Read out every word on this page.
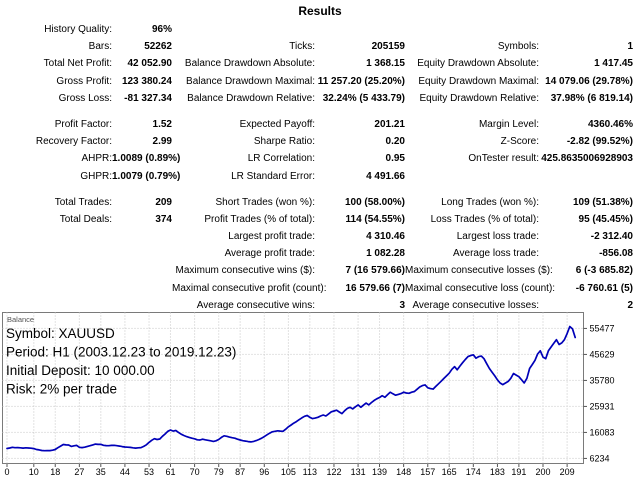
Results
History Quality:	96%
Bars:	52262	Ticks:	205159	Symbols:	1
Total Net Profit:	42 052.90	Balance Drawdown Absolute:	1 368.15	Equity Drawdown Absolute:	1 417.45
Gross Profit: 123 380.24	Balance Drawdown Maximal: 11 257.20 (25.20%)	Equity Drawdown Maximal: 14 079.06 (29.78%)
Gross Loss:	-81 327.34	Balance Drawdown Relative: 32.24% (5 433.79)	Equity Drawdown Relative:	37.98% (6 819.14)
Profit Factor:	1.52	Expected Payoff:	201.21	Margin Level:	4360.46%
Recovery Factor:	2.99	Sharpe Ratio:	0.20	Z-Score:	-2.82 (99.52%)
AHPR: 1.0089 (0.89%)	LR Correlation:	0.95	OnTester result: 425.8635006928903
GHPR: 1.0079 (0.79%)	LR Standard Error:	4 491.66
Total Trades:	209	Short Trades (won %):	100 (58.00%)	Long Trades (won %):	109 (51.38%)
Total Deals:	374	Profit Trades (% of total):	114 (54.55%)	Loss Trades (% of total):	95 (45.45%)
Largest profit trade:	4 310.46	Largest loss trade:	-2 312.40
Average profit trade:	1 082.28	Average loss trade:	-856.08
Maximum consecutive wins ($):	7 (16 579.66) Maximum consecutive losses ($):	6 (-3 685.82)
Maximal consecutive profit (count):	16 579.66 (7) Maximal consecutive loss (count):	-6 760.61 (5)
Average consecutive wins:	3 Average consecutive losses:	2
55477
45629
35780
25931
16083
6234
0 10 18 27 35 44 53 61 70 79 87 96 105 113 122 131 139 148 157 165 174 183 191 200 209
Balance
Symbol: XAUUSD
Period: H1 (2003.12.23 to 2019.12.23)
Initial Deposit: 10 000.00
Risk: 2% per trade
